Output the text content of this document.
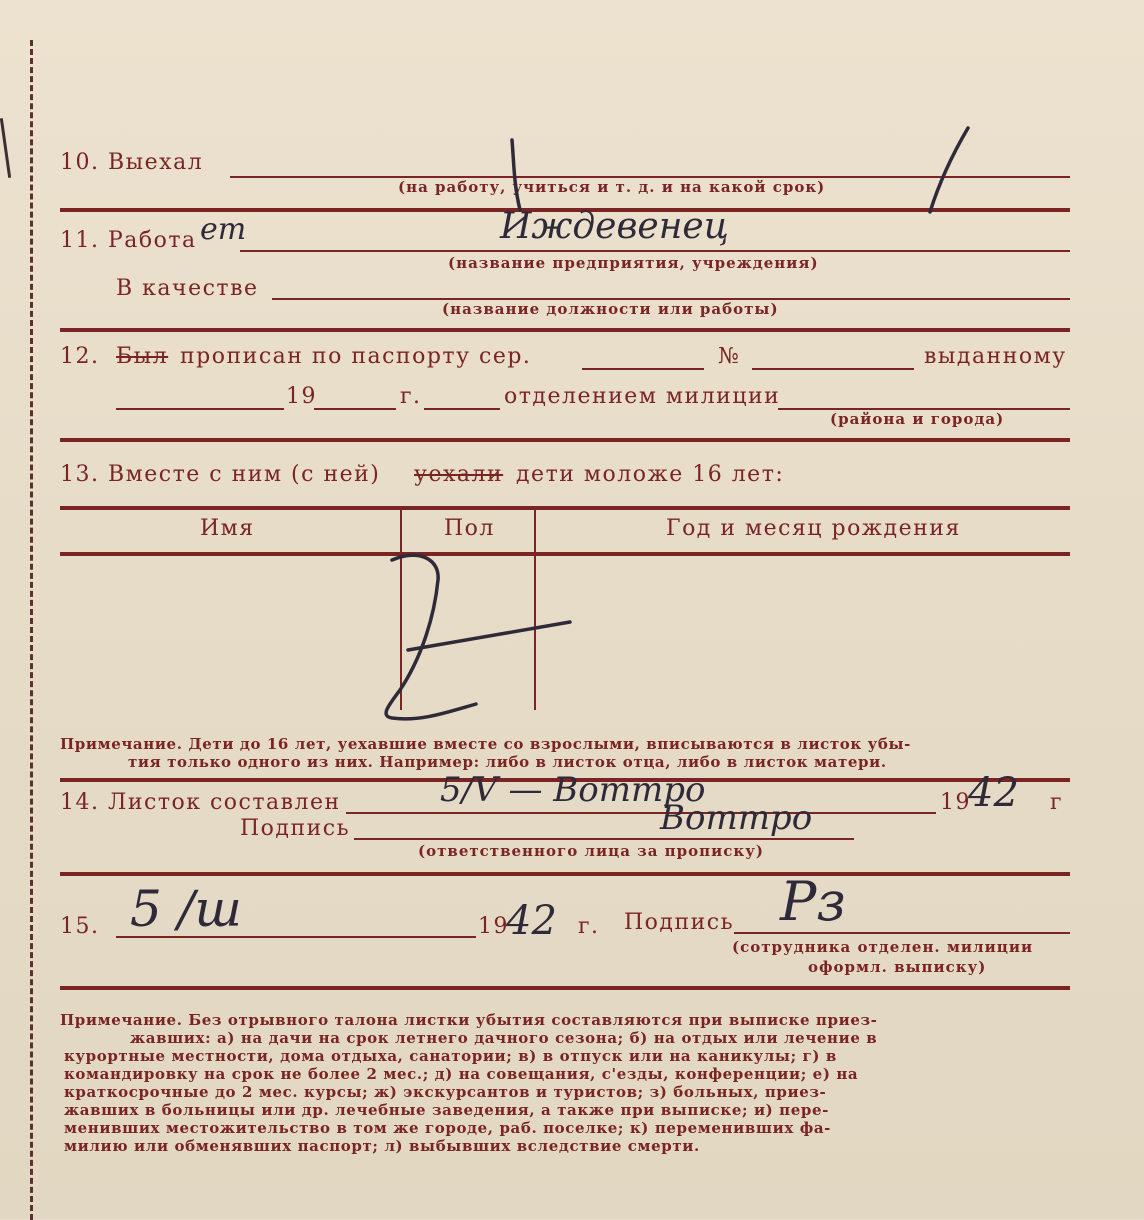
10. Выехал
(на работу, учиться и т. д. и на какой срок)
11. Работа ет	Иждевенец
(название предприятия, учреждения)
В качестве
(название должности или работы)
12. Был прописан по паспорту сер.	№	выданному
19	г.	отделением милиции
(района и города)
13. Вместе с ним (с ней) уехали дети моложе 16 лет:
Имя	Пол	Год и месяц рождения
Примечание. Дети до 16 лет, уехавшие вместе со взрослыми, вписываются в листок убы-
тия только одного из них. Например: либо в листок отца, либо в листок матери.
14. Листок составлен	5/V — Воттро	19
42 г
Подпись	Воттро
(ответственного лица за прописку)
15. 5 /ш	19
42 г. Подпись Рз
(сотрудника отделен. милиции
оформл. выписку)
Примечание. Без отрывного талона листки убытия составляются при выписке приез-
жавших: а) на дачи на срок летнего дачного сезона; б) на отдых или лечение в
курортные местности, дома отдыха, санатории; в) в отпуск или на каникулы; г) в
командировку на срок не более 2 мес.; д) на совещания, с'езды, конференции; е) на
краткосрочные до 2 мес. курсы; ж) экскурсантов и туристов; з) больных, приез-
жавших в больницы или др. лечебные заведения, а также при выписке; и) пере-
менивших местожительство в том же городе, раб. поселке; к) переменивших фа-
милию или обменявших паспорт; л) выбывших вследствие смерти.
